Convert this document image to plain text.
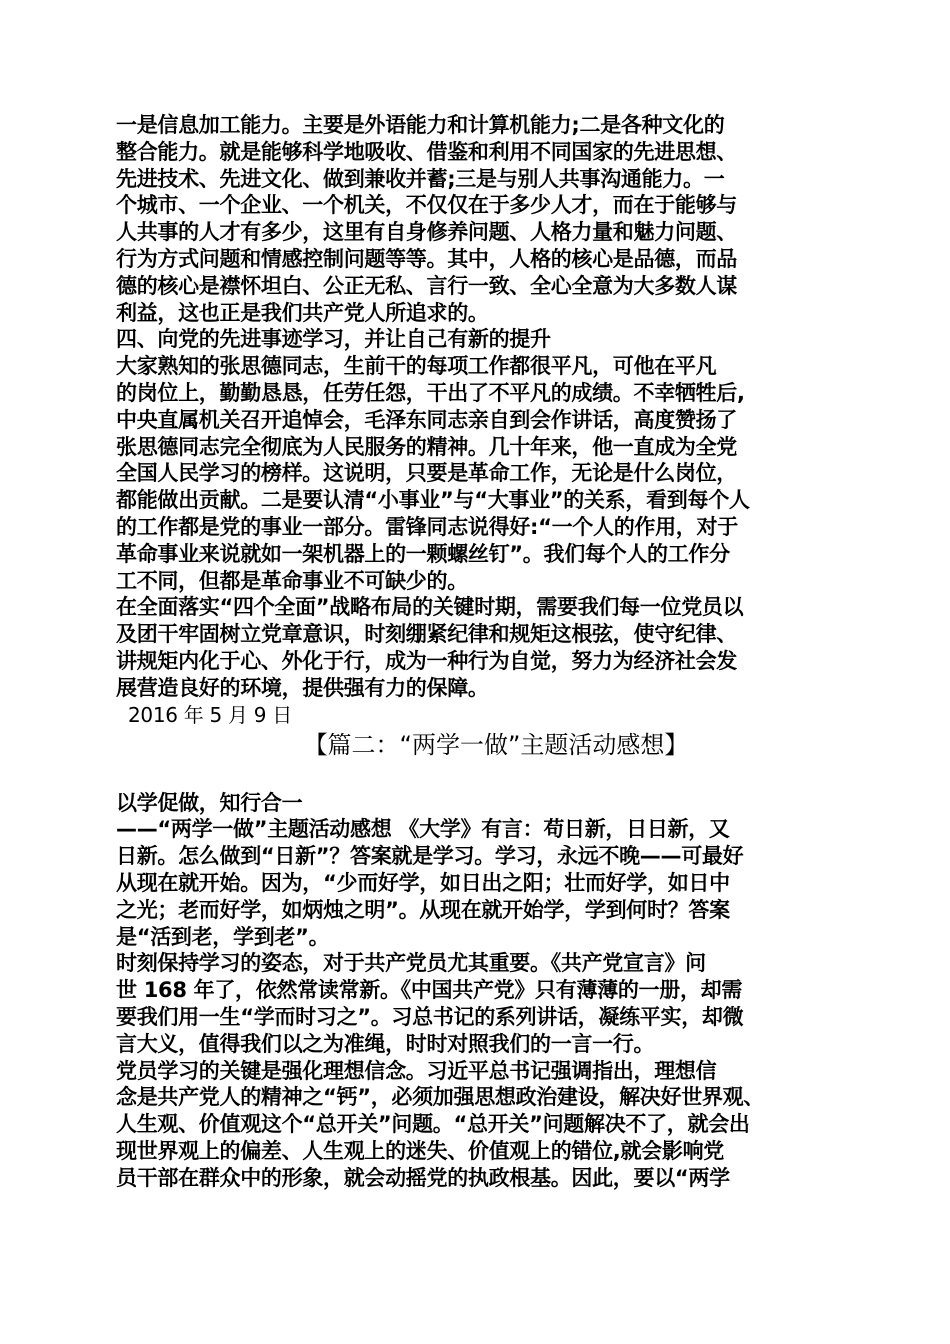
一是信息加工能力。主要是外语能力和计算机能力;二是各种文化的
整合能力。就是能够科学地吸收、借鉴和利用不同国家的先进思想、
先进技术、先进文化、做到兼收并蓄;三是与别人共事沟通能力。一
个城市、一个企业、一个机关，不仅仅在于多少人才，而在于能够与
人共事的人才有多少，这里有自身修养问题、人格力量和魅力问题、
行为方式问题和情感控制问题等等。其中，人格的核心是品德，而品
德的核心是襟怀坦白、公正无私、言行一致、全心全意为大多数人谋
利益，这也正是我们共产党人所追求的。
四、向党的先进事迹学习，并让自己有新的提升
大家熟知的张思德同志，生前干的每项工作都很平凡，可他在平凡
的岗位上，勤勤恳恳，任劳任怨，干出了不平凡的成绩。不幸牺牲后,
中央直属机关召开追悼会，毛泽东同志亲自到会作讲话，高度赞扬了
张思德同志完全彻底为人民服务的精神。几十年来，他一直成为全党
全国人民学习的榜样。这说明，只要是革命工作，无论是什么岗位，
都能做出贡献。二是要认清“小事业”与“大事业”的关系，看到每个人
的工作都是党的事业一部分。雷锋同志说得好:“一个人的作用，对于
革命事业来说就如一架机器上的一颗螺丝钉”。我们每个人的工作分
工不同，但都是革命事业不可缺少的。
在全面落实“四个全面”战略布局的关键时期，需要我们每一位党员以
及团干牢固树立党章意识，时刻绷紧纪律和规矩这根弦，使守纪律、
讲规矩内化于心、外化于行，成为一种行为自觉，努力为经济社会发
展营造良好的环境，提供强有力的保障。
2016 年 5 月 9 日
【篇二：“两学一做”主题活动感想】
以学促做，知行合一
——“两学一做”主题活动感想 《大学》有言：苟日新，日日新，又
日新。怎么做到“日新”？答案就是学习。学习，永远不晚——可最好
从现在就开始。因为，“少而好学，如日出之阳；壮而好学，如日中
之光；老而好学，如炳烛之明”。从现在就开始学，学到何时？答案
是“活到老，学到老”。
时刻保持学习的姿态，对于共产党员尤其重要。《共产党宣言》问
世 168 年了，依然常读常新。《中国共产党》只有薄薄的一册，却需
要我们用一生“学而时习之”。习总书记的系列讲话，凝练平实，却微
言大义，值得我们以之为准绳，时时对照我们的一言一行。
党员学习的关键是强化理想信念。习近平总书记强调指出，理想信
念是共产党人的精神之“钙”，必须加强思想政治建设，解决好世界观、
人生观、价值观这个“总开关”问题。“总开关”问题解决不了，就会出
现世界观上的偏差、人生观上的迷失、价值观上的错位,就会影响党
员干部在群众中的形象，就会动摇党的执政根基。因此，要以“两学
